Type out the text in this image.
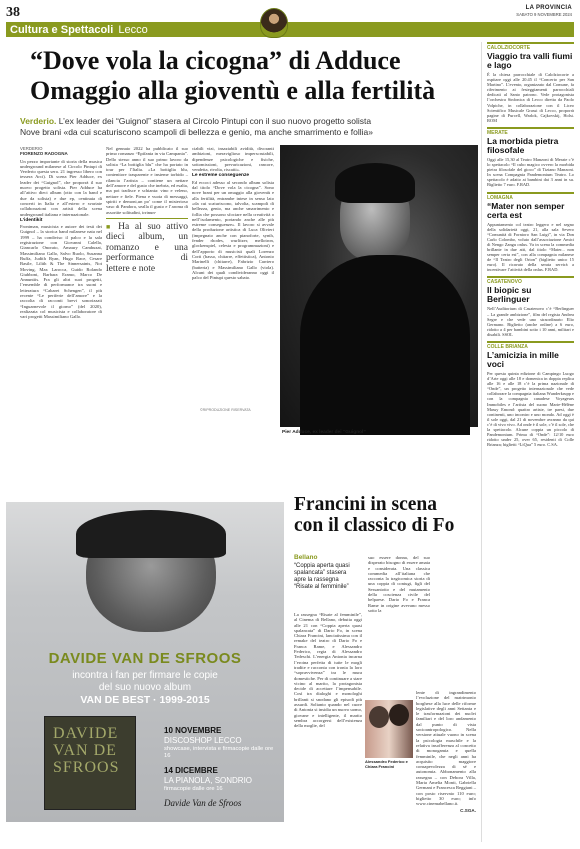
38	LA PROVINCIA
SABATO 9 NOVEMBRE 2024
Cultura e Spettacoli Lecco
“Dove vola la cicogna” di Adduce
Omaggio alla gioventù e alla fertilità
Verderio. L’ex leader dei “Guignol” stasera al Circolo Pintupi con il suo nuovo progetto solista
Nove brani «da cui scaturiscono scampoli di bellezza e genio, ma anche smarrimento e follia»
VERDERIO
FIORENZO RADOGNA

Un pezzo importante di storia della musica underground milanese al Circolo Pintupi di Verderio questa sera. 21 ingresso libero con tessera Arci). Di scena Pier Adduce, ex leader dei “Guignol”, che proporrà il suo nuovo progetto solista. Pier Adduce ha all’attivo dieci album (otto con la band e due da solista) e due ep, centinaia di concerti in Italia e all’estero e svariate collaborazioni con artisti della scena underground italiana e internazionale.

L’identikit

Frontman, musicista e autore dei testi dei Guignol – la storica band milanese nata nel 1999 – ha condiviso il palco e la sala registrazione con Giovanni Calella, Giancarlo Onorato, Amaury Cambuzat, Massimiliano Gallo, Salvo Ruolo, Susanna Buffa, Judith Ryan, Hugo Race, Cesare Basile, Lilith & The Sinnersaints, Not Moving, Max Larocca, Guido Rolando Giubboni, Barbara Eramo, Marco De Annuntiis. Fra gli altri suoi progetti, l’ensemble di performance tra suoni e letteratura “Cabaret Schengen”, il più recente “Le periferie dell’amore” e la raccolta di racconti brevi sonorizzati “Inguarnevole il giorno” (del 2020), realizzata col musicista e collaboratore di vari progetti Massimiliano Gallo.

Nel gennaio 2022 ha pubblicato il suo primo romanzo “Epifania in via Campania”. Dello stesso anno il suo primo lavoro da solista “La bottiglia blu” che ha portato in tour per l’Italia. «La bottiglia blu, contenitore trasparente e insieme torbido – rilancia l’artista – contiene un nettare dell’amore e del gusto che inebria, ed esalta, ma poi tradisce e schianta: vino e veleno, nettare e fiele. Piena e vuota di messaggi, spiriti e demoni,un po’ come il misterioso vaso di Pandora, sealla il gusto e l’aroma di assortite solitudini, irrinun-

■ Ha al suo attivo dieci album, un romanzo e una performance di lettere e note

ciabili vizi, insaziabili avidità, divoranti ambizioni, meraviglioso imperscrutabili, dipendenze psicologiche e fisiche, sottomissioni, prevaricazioni, rancore, vendetta, rivolta, riscatti».

Le estreme conseguenze

Ed eccoci adesso al secondo album solista dal titolo “Dove vola la cicogna”. Sono nove brani per un omaggio alla gioventù e alla fertilità, entrambe intese in senso lato «da cui scaturiscono, talvolta, scampoli di bellezza, genio, ma anche smarrimento e follia che possono sfociare nella creatività o nell’isolamento, portando anche alle più estreme conseguenze». Il lavoro si avvale della produzione artistica di Luca Olivieri (impegnato anche con pianoforte, synth, fender rhodes, wurlitzer, mellotron, glockenspiel, celesta e programmazioni) e dell’apporto di musicisti quali Lorenzo Corti (basso, chitarre, effettistica), Antonio Marinelli (chitarre), Fabrizio Carriero (batteria) e Massimiliano Gallo (viola). Alcuni dei quali condivideranno oggi il palco del Pintupi questo sabato.

©RIPRODUZIONE RISERVATA
Pier Adduce, ex leader dei “Guignol”
DAVIDE VAN DE SFROOS
incontra i fan per firmare le copie
del suo nuovo album
VAN DE BEST · 1999-2015
DAVIDE
VAN DE
SFROOS
10 NOVEMBRE
DISCOSHOP LECCO
showcase, intervista e firmacopie dalle ore 16
14 DICEMBRE
LA PIANOLA, SONDRIO
firmacopie dalle ore 16
Davide Van de Sfroos
Francini in scena
con il classico di Fo
Bellano
“Coppia aperta quasi spalancata” stasera apre la rassegna “Risate al femminile”

La rassegna “Risate al femminile”, al Cinema di Bellano, debutta oggi alle 21 con “Coppia aperta quasi spalancata” di Dario Fo, in scena Chiara Francini, lanciatissima con il remake del teatro di Dario Fo e Franca Rame, e Alessandro Federico, regia di Alessandro Tedeschi. L’energia Antonia incarna l’eroina perfetta di tutte le mogli tradite e racconta con ironia la loro “sopravvivenza” tra le mura domestiche. Per di continuare a stare vicino al marito, la protagonista decide di accettare l’impensabile. Così tra dialoghi e monologhi brillanti si snodano gli episodi più assurdi. Soltanto quando nel cuore di Antonia si insidia un nuovo uomo, giovane e intelligente, il marito sembra accorgersi dell’esistenza della moglie, del

suo essere donna, del suo disperato bisogno di essere amata e considerata. Una classica commedia all’italiana che racconta la tragicomica storia di una coppia di coniugi, figli del Sessantotto e del mutamento della coscienza civile del belpaese. Dario Fo e Franca Rame in origine avevano messo sotto la

Alessandro Federico e Chiara Francini

lente di ingrandimento l’evoluzione del matrimonio borghese alla luce delle riforme legislative degli anni Settanta e le trasformazioni dei nuclei familiari e del loro andamento dal punto di vista socioantropologico. Nella versione attuale vuono in scena la psicologia maschile e la relativa insofferenza al concetto di monogamia e quella femminile, che negli anni ha acquisito maggiore consapevolezza di sé e autonomia. Abbonamento alla rassegna – con Debora Villa, Maria Amelia Monti, Gabriella Germani e Francesca Reggiani – con posto riservato 110 euro; biglietto 30 euro; info www.cinemabellano.it.

C.SGA.

CALOLZIOCORTE
Viaggio tra valli fiumi e lago
È la chiesa parrocchiale di Calolziocorte a ospitare oggi alle 20.45 il “Concerto per San Martino”. L’evento, organizzato dal Comune, fa riferimento ai festeggiamenti parrocchiali dedicati al Santo patrono. Vede protagonista l’orchestra Sinfonica di Lecco diretta da Paolo Volpiche, in collaborazione con il Liceo Scientifico Musicale Grassi di Lecco, proporrà pagine di Purcell, Warlok, Cajkovskij, Holst. ROM
MERATE
La morbida pietra filosofale
Oggi alle 15,30 al Teatro Manzoni di Merate c’è lo spettacolo “Il cubo magico ovvero la morbida pietra filosofale del gioco” di Tiziano Manzoni. In scena Compagnia Pandemonium Teatro. Lo spettacolo è adatto ai bambini dai 3 anni in su. Biglietto 7 euro. F.RAD.
LOMAGNA
“Mater non semper certa est
Appuntamento col teatro leggero e nel segno della solidarietà oggi, 21, alla sala Severo “Comunità di Fornioro San Luigi”, in via Don Carlo Colombo, voluto dall’associazione Amici di Nengo Zangu onlus. Va in scena la commedia brillante in due atti, dal titolo “Mater... non semper certa est”, con alla compagnia milanese de “Il Teatro degli Orion” (biglietto unico 15 euro). Il ricavato della serata servirà a incentivare l’attività della onlus. F.RAD.
CASATENOVO
Il biopic su Berlinguer
Nell’Auditorium di Casatenovo c’è “Berlinguer – La grande ambizione”, film del regista Andrea Segre e che vede uno straordinario Elio Germano. Biglietto (anche online) a 6 euro, ridotto a 4 per bambini sotto i 10 anni, militari e disabili. SSOL
COLLE BRIANZA
L’amicizia in mille voci
Per questa quinta edizione di Campingo Luogo d’Arte oggi alle 18 e domenica in doppia replica alle 16 e alle 18 c’è la prima nazionale di “Onde”, un progetto internazionale che vede collaborare la compagnia italiana Wunderkrupp e con la compagnia canadese Voyageurs Immobiles e l’artista del suono Marie-Hélène Massy Emond: quattro artiste, tre paesi, due continenti, uno incontro e uno mondo. Ad oggi è il sole oggi, dal 21 di novembre avranno da qui c’è di vivo vivo. Ad onde è il sole, c’è il sole, che la spettacolo. Alcune coppia un piccolo di Pandemonium. Prima di “Onde”: 12/10 euro ridotto under 25, over 65, residenti di Colle Brianza; biglietti “LiQua” 5 euro. C.SA.
